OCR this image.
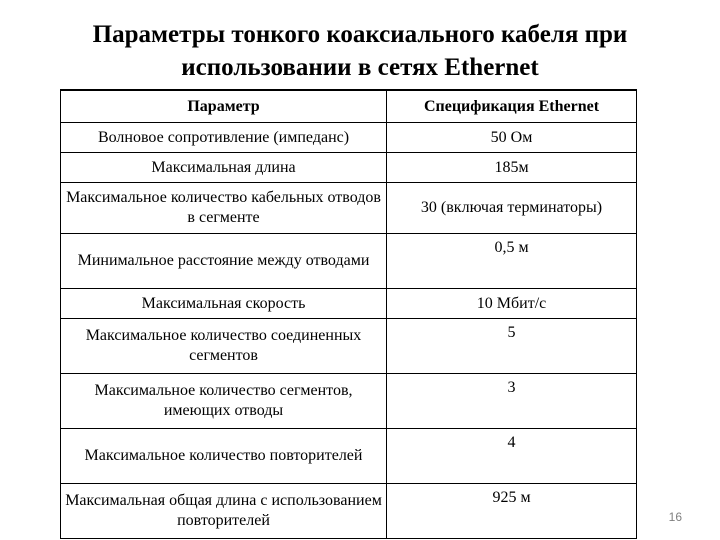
Параметры тонкого коаксиального кабеля при использовании в сетях Ethernet
Параметр	Спецификация Ethernet
Волновое сопротивление (импеданс)	50 Ом
Максимальная длина	185м
Максимальное количество кабельных отводов в сегменте	30 (включая терминаторы)
Минимальное расстояние между отводами	0,5 м
Максимальная скорость	10 Мбит/с
Максимальное количество соединенных сегментов	5
Максимальное количество сегментов, имеющих отводы	3
Максимальное количество повторителей	4
Максимальная общая длина с использованием повторителей	925 м
16
